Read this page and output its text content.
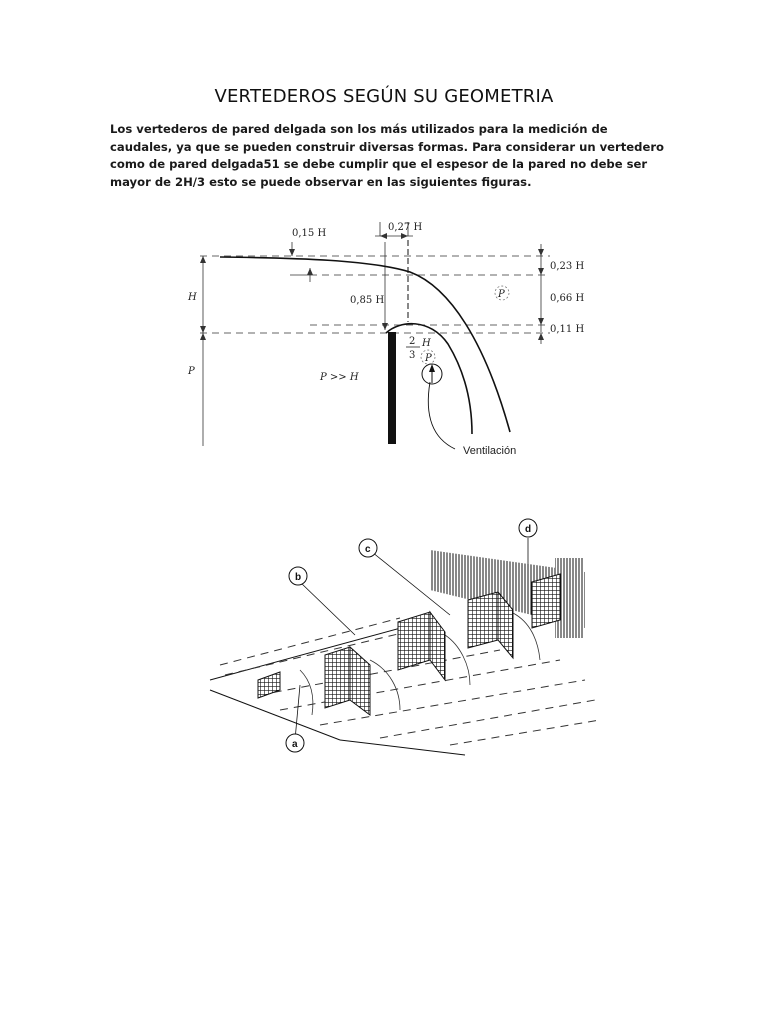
VERTEDEROS SEGÚN SU GEOMETRIA
Los vertederos de pared delgada son los más utilizados para la medición de caudales, ya que se pueden construir diversas formas. Para considerar un vertedero como de pared delgada51 se debe cumplir que el espesor de la pared no debe ser mayor de 2H/3 esto se puede observar en las siguientes figuras.
0,15 H
0,27 H
0,23 H
0,66 H
0,11 H
H
P
0,85 H
2
3
H
P
P
P >> H
Ventilación
a
b
c
d
